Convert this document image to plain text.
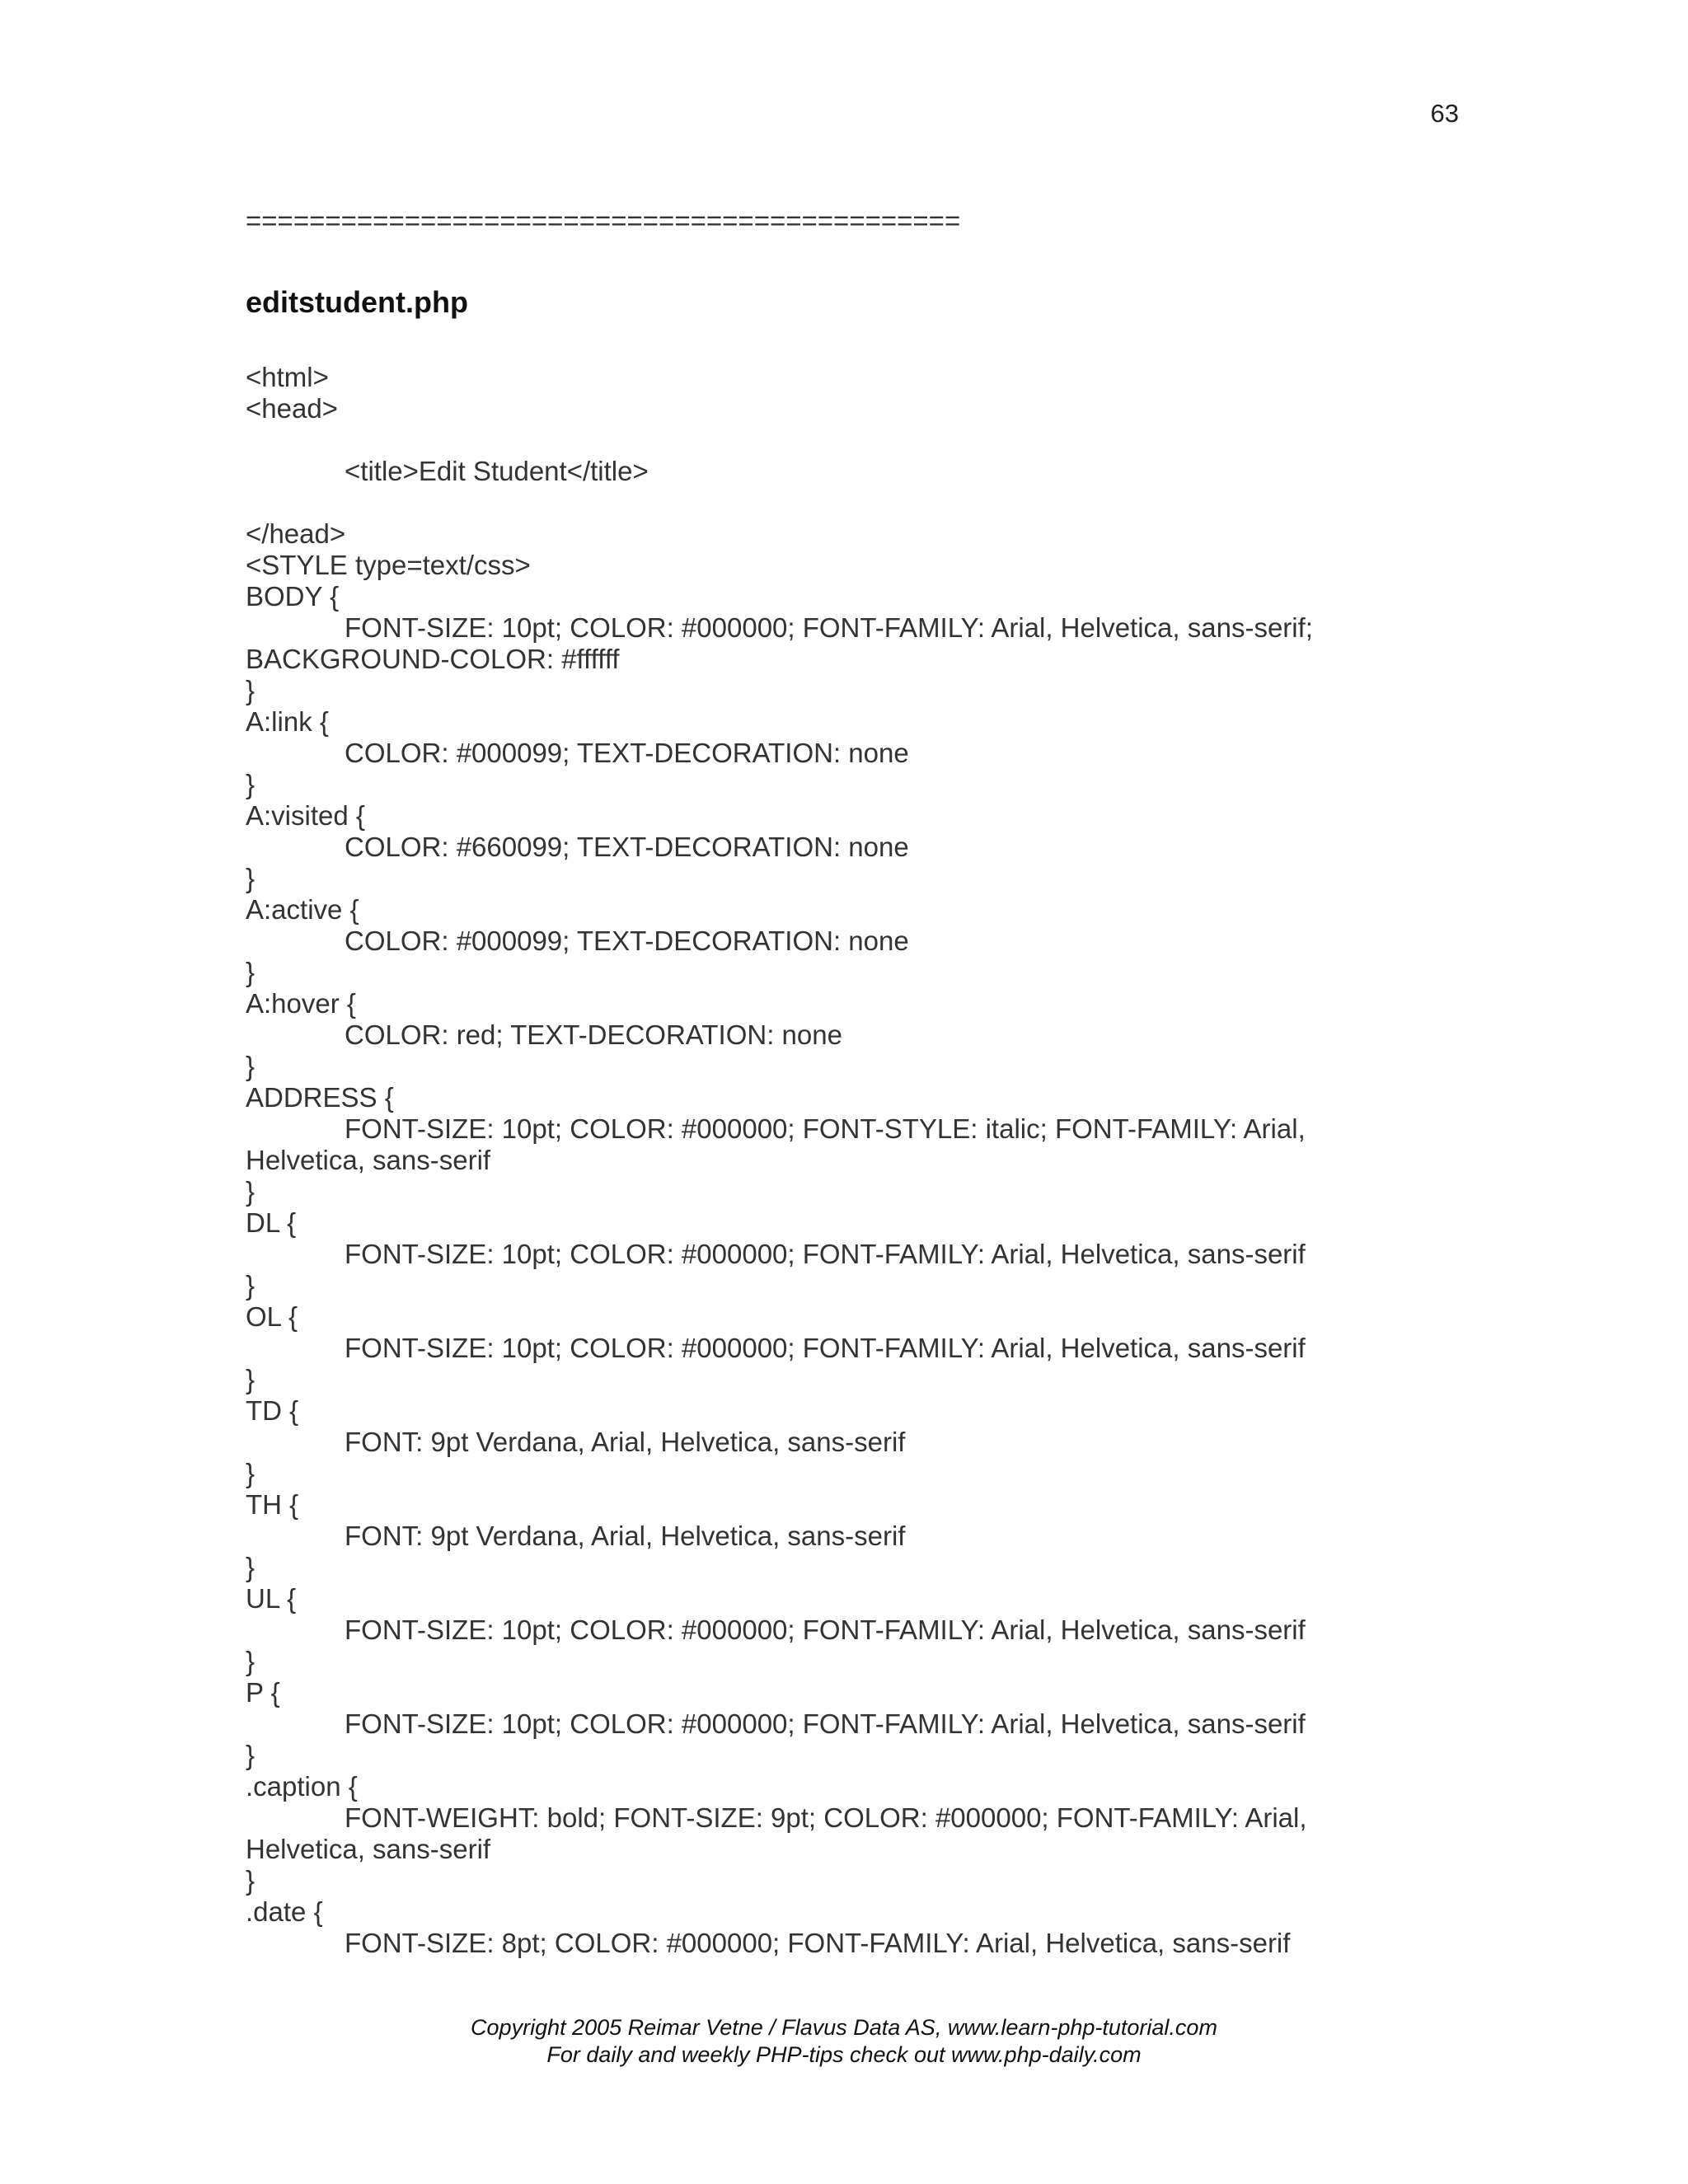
63
=============================================
editstudent.php
<html>
<head>
<title>Edit Student</title>
</head>
<STYLE type=text/css>
BODY {
FONT-SIZE: 10pt; COLOR: #000000; FONT-FAMILY: Arial, Helvetica, sans-serif;
BACKGROUND-COLOR: #ffffff
}
A:link {
COLOR: #000099; TEXT-DECORATION: none
}
A:visited {
COLOR: #660099; TEXT-DECORATION: none
}
A:active {
COLOR: #000099; TEXT-DECORATION: none
}
A:hover {
COLOR: red; TEXT-DECORATION: none
}
ADDRESS {
FONT-SIZE: 10pt; COLOR: #000000; FONT-STYLE: italic; FONT-FAMILY: Arial,
Helvetica, sans-serif
}
DL {
FONT-SIZE: 10pt; COLOR: #000000; FONT-FAMILY: Arial, Helvetica, sans-serif
}
OL {
FONT-SIZE: 10pt; COLOR: #000000; FONT-FAMILY: Arial, Helvetica, sans-serif
}
TD {
FONT: 9pt Verdana, Arial, Helvetica, sans-serif
}
TH {
FONT: 9pt Verdana, Arial, Helvetica, sans-serif
}
UL {
FONT-SIZE: 10pt; COLOR: #000000; FONT-FAMILY: Arial, Helvetica, sans-serif
}
P {
FONT-SIZE: 10pt; COLOR: #000000; FONT-FAMILY: Arial, Helvetica, sans-serif
}
.caption {
FONT-WEIGHT: bold; FONT-SIZE: 9pt; COLOR: #000000; FONT-FAMILY: Arial,
Helvetica, sans-serif
}
.date {
FONT-SIZE: 8pt; COLOR: #000000; FONT-FAMILY: Arial, Helvetica, sans-serif
Copyright 2005 Reimar Vetne / Flavus Data AS, www.learn-php-tutorial.com
For daily and weekly PHP-tips check out www.php-daily.com
